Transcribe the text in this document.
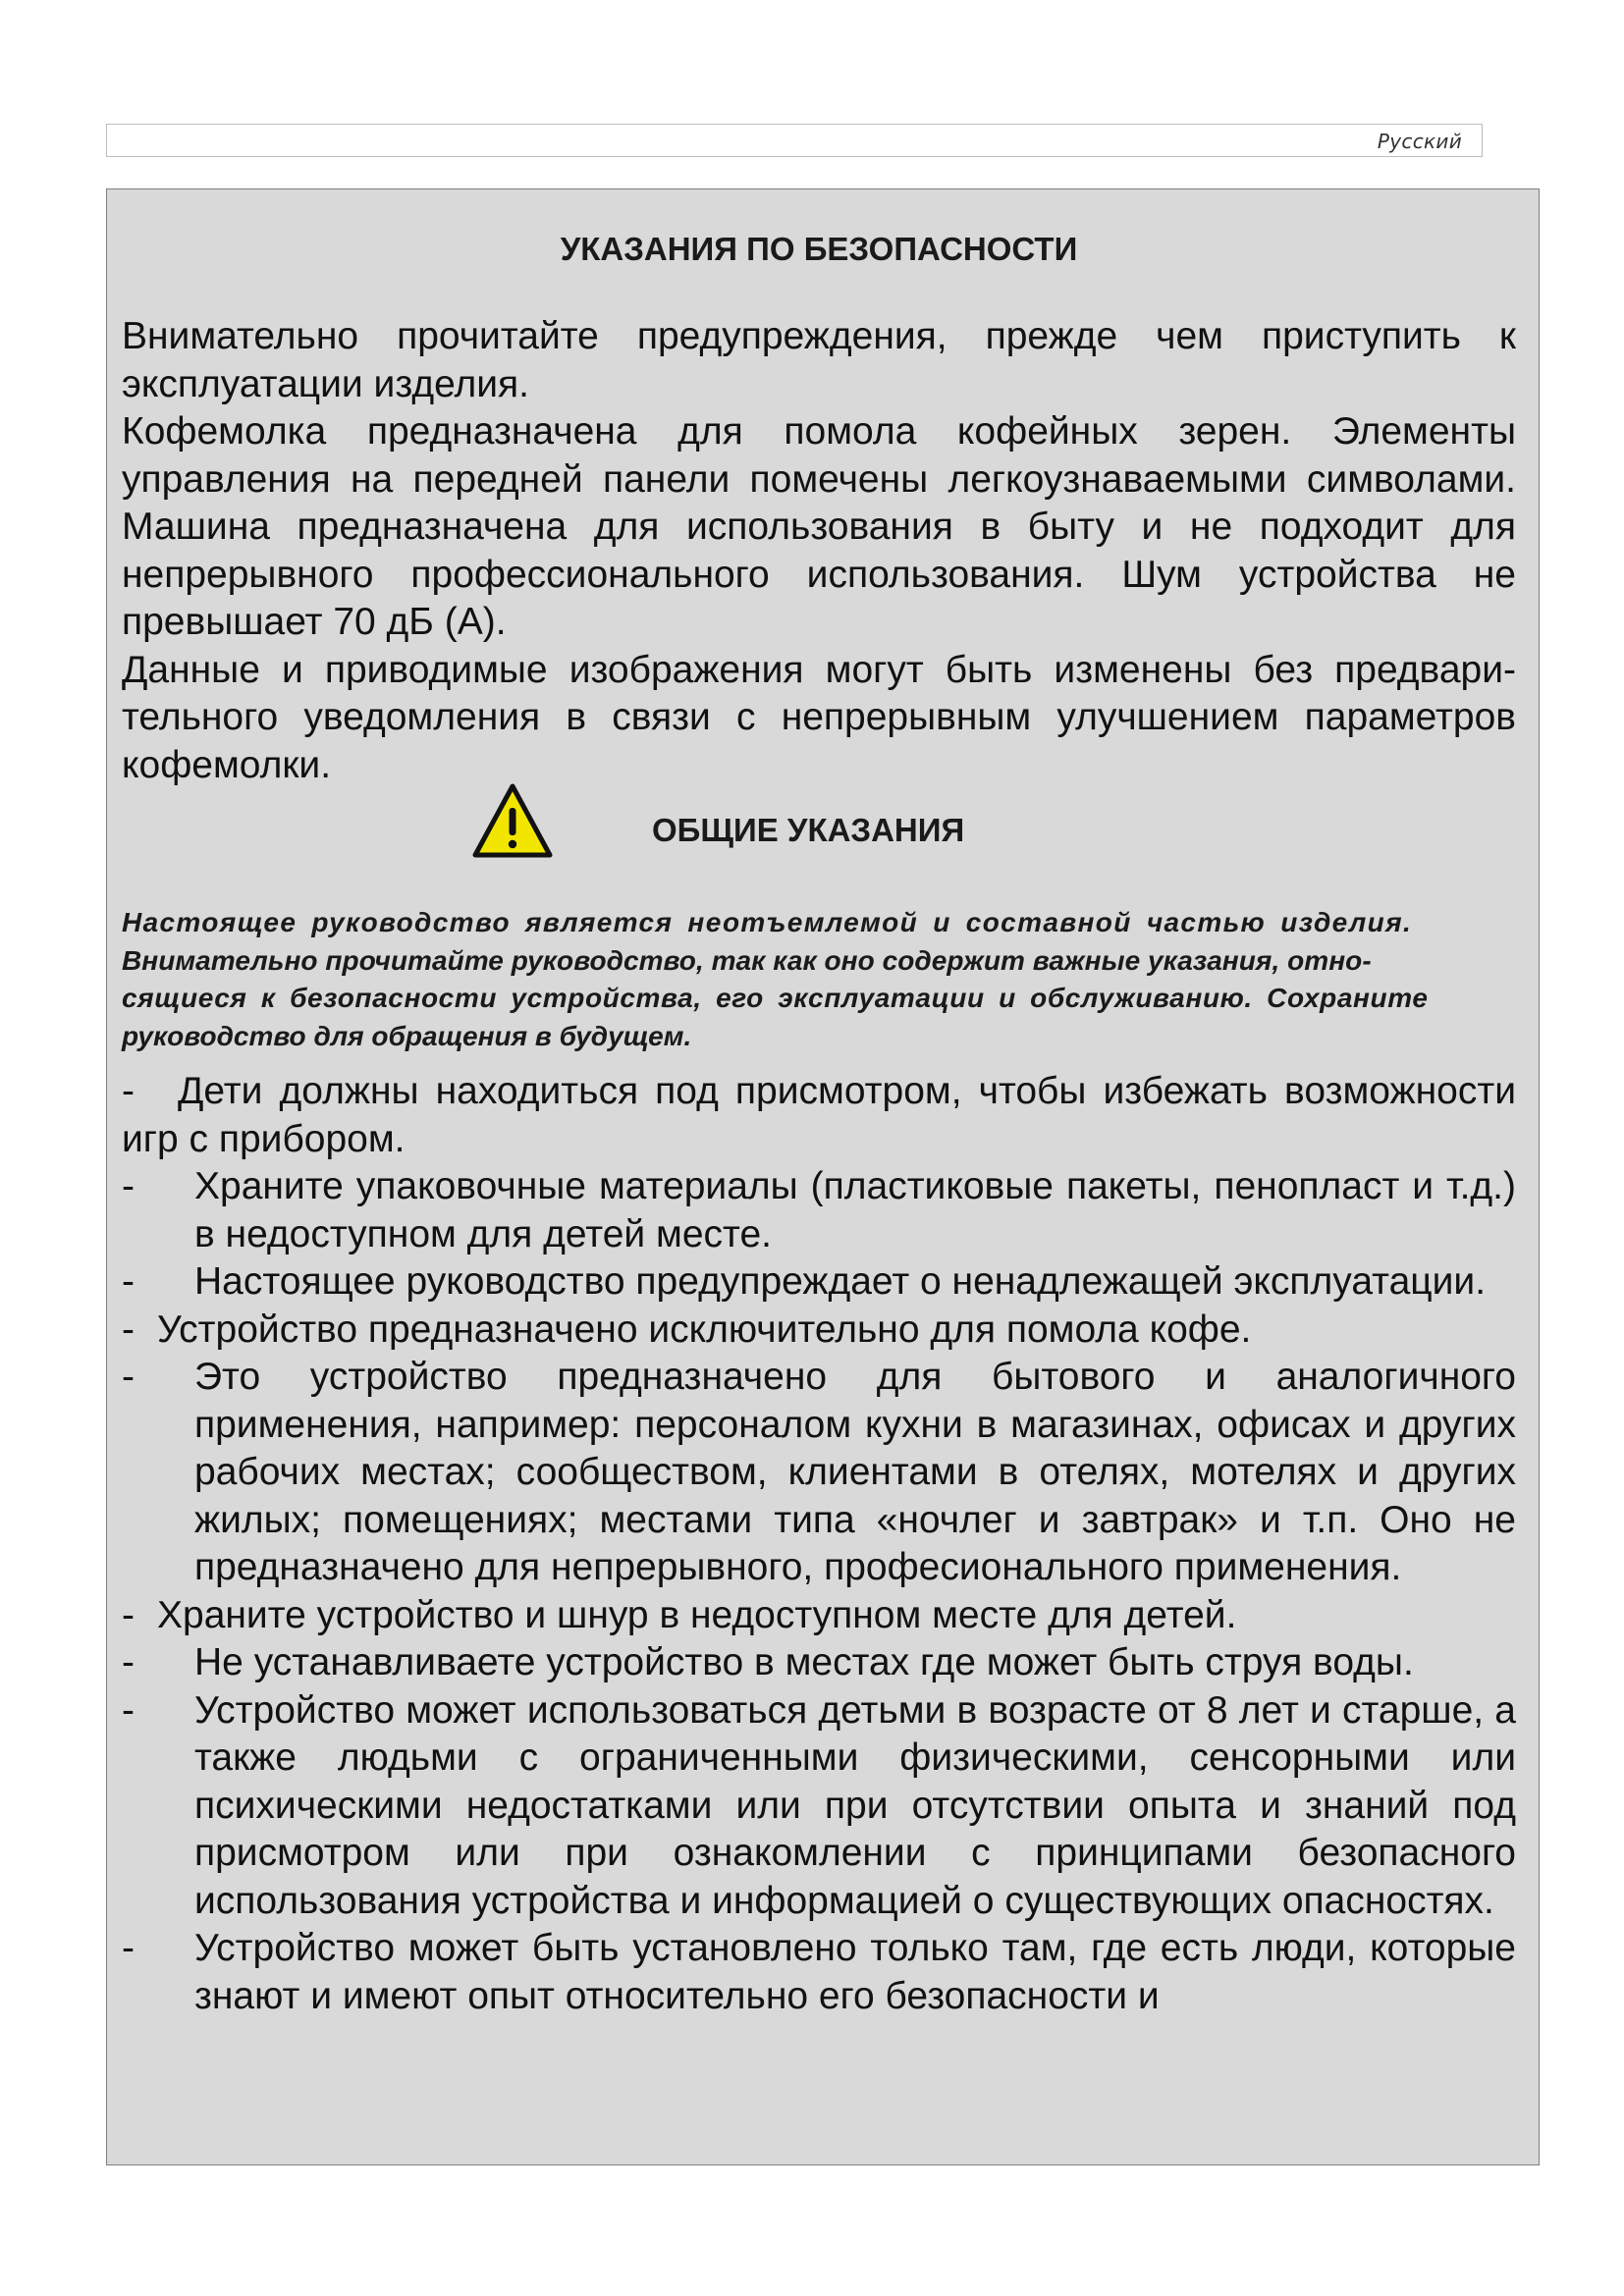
Русский
УКАЗАНИЯ ПО БЕЗОПАСНОСТИ

Внимательно прочитайте предупреждения, прежде чем приступить к эксплуатации изделия.

Кофемолка предназначена для помола кофейных зерен. Элементы управления на передней панели помечены легкоузнаваемыми символами. Машина предназначена для использования в быту и не подходит для непрерывного профессионального использования. Шум устройства не превышает 70 дБ (А).

Данные и приводимые изображения могут быть изменены без предвари-тельного уведомления в связи с непрерывным улучшением параметров кофемолки.

ОБЩИЕ УКАЗАНИЯ
Настоящее руководство является неотъемлемой и составной частью изделия.
Внимательно прочитайте руководство, так как оно содержит важные указания, отно-
сящиеся к безопасности устройства, его эксплуатации и обслуживанию. Сохраните
руководство для обращения в будущем.
- Дети должны находиться под присмотром, чтобы избежать возможности игр с прибором.
- Храните упаковочные материалы (пластиковые пакеты, пенопласт и т.д.) в недоступном для детей месте.
- Настоящее руководство предупреждает о ненадлежащей эксплуатации.
- Устройство предназначено исключительно для помола кофе.
- Это устройство предназначено для бытового и аналогичного применения, например: персоналом кухни в магазинах, офисах и других рабочих местах; сообществом, клиентами в отелях, мотелях и других жилых; помещениях; местами типа «ночлег и завтрак» и т.п. Оно не предназначено для непрерывного, професионального применения.
- Храните устройство и шнур в недоступном месте для детей.
- Не устанавливаете устройство в местах где может быть струя воды.
- Устройство может использоваться детьми в возрасте от 8 лет и старше, а также людьми с ограниченными физическими, сенсорными или психическими недостатками или при отсутствии опыта и знаний под присмотром или при ознакомлении с принципами безопасного использования устройства и информацией о существующих опасностях.
- Устройство может быть установлено только там, где есть люди, которые знают и имеют опыт относительно его безопасности и
